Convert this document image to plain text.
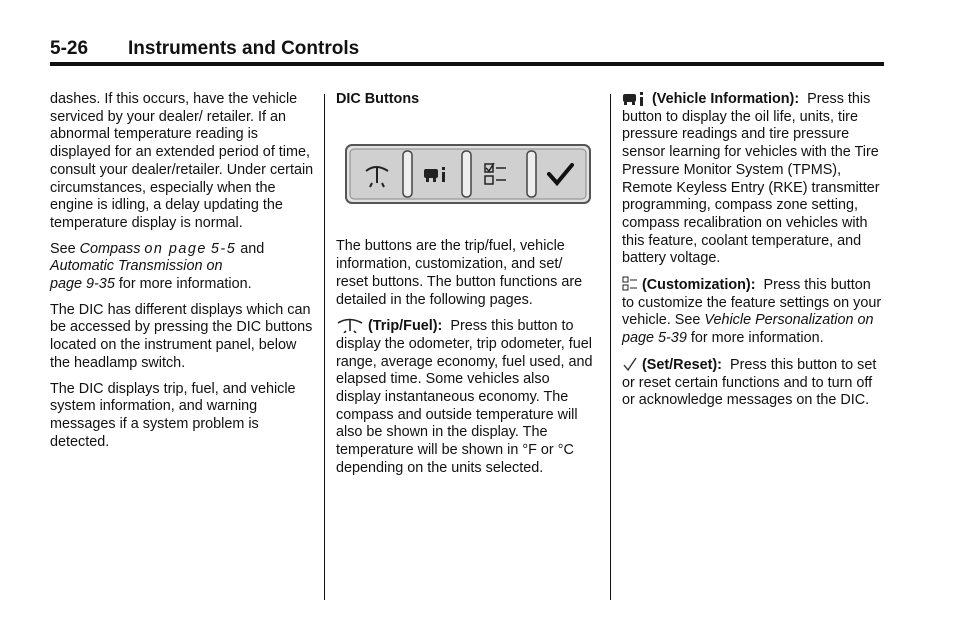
5-26 Instruments and Controls

dashes. If this occurs, have the vehicle serviced by your dealer/ retailer. If an abnormal temperature reading is displayed for an extended period of time, consult your dealer/retailer. Under certain circumstances, especially when the engine is idling, a delay updating the temperature display is normal.

See Compass on page 5-5 and Automatic Transmission on
page 9-35 for more information.

The DIC has different displays which can be accessed by pressing the DIC buttons located on the instrument panel, below the headlamp switch.

The DIC displays trip, fuel, and vehicle system information, and warning messages if a system problem is detected.

DIC Buttons

The buttons are the trip/fuel, vehicle information, customization, and set/ reset buttons. The button functions are detailed in the following pages.

(Trip/Fuel): Press this button to display the odometer, trip odometer, fuel range, average economy, fuel used, and elapsed time. Some vehicles also display instantaneous economy. The compass and outside temperature will also be shown in the display. The temperature will be shown in °F or °C depending on the units selected.

(Vehicle Information): Press this button to display the oil life, units, tire pressure readings and tire pressure sensor learning for vehicles with the Tire Pressure Monitor System (TPMS), Remote Keyless Entry (RKE) transmitter programming, compass zone setting, compass recalibration on vehicles with this feature, coolant temperature, and battery voltage.

(Customization): Press this button to customize the feature settings on your vehicle. See Vehicle Personalization on
page 5-39 for more information.

(Set/Reset): Press this button to set or reset certain functions and to turn off or acknowledge messages on the DIC.
